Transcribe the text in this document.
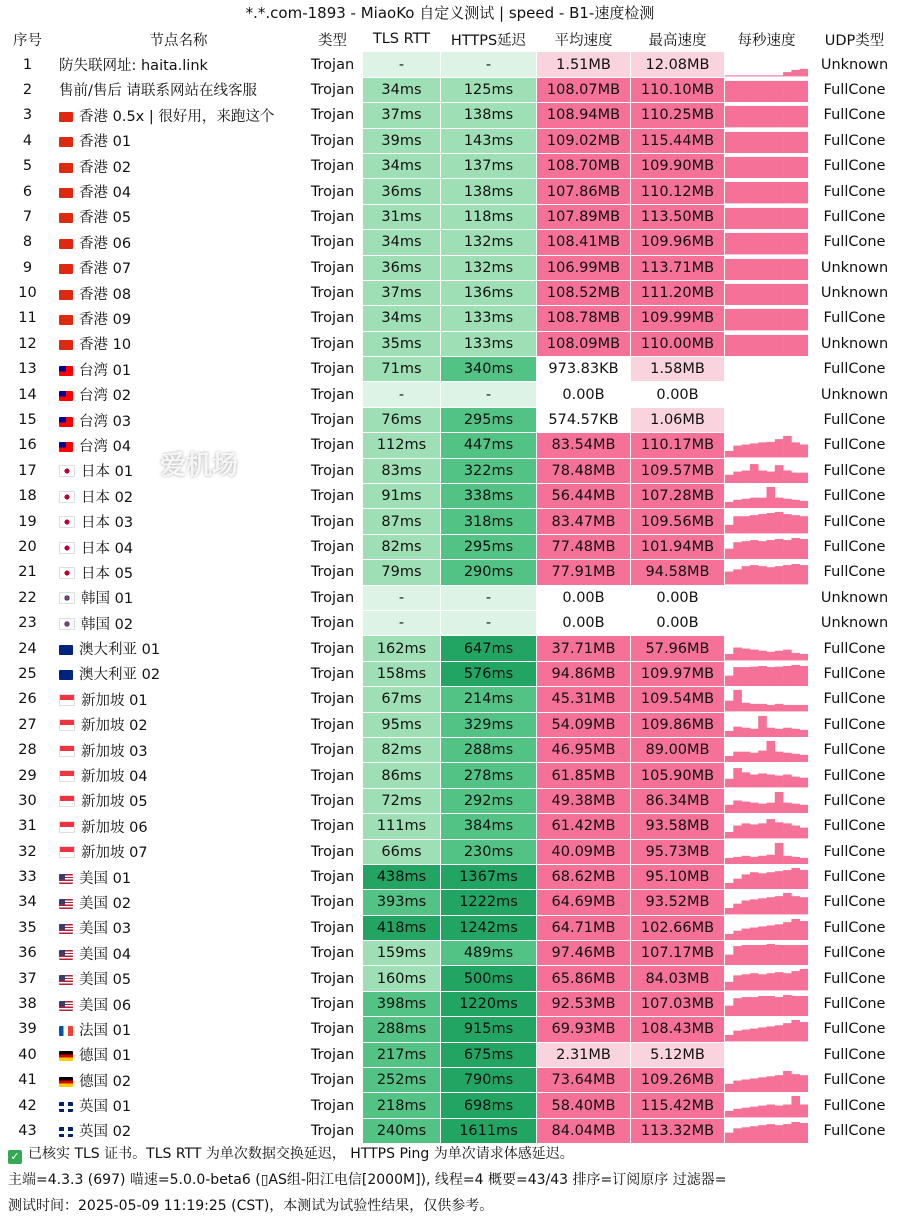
*.*.com-1893 - MiaoKo 自定义测试 | speed - B1-速度检测
序号	节点名称	类型	TLS RTT	HTTPS延迟	平均速度	最高速度	每秒速度	UDP类型
1	防失联网址: haita.link	Trojan	-	-	1.51MB	12.08MB		Unknown
2	售前/售后 请联系网站在线客服	Trojan	34ms	125ms	108.07MB	110.10MB		FullCone
3	香港 0.5x | 很好用，来跑这个	Trojan	37ms	138ms	108.94MB	110.25MB		FullCone
4	香港 01	Trojan	39ms	143ms	109.02MB	115.44MB		FullCone
5	香港 02	Trojan	34ms	137ms	108.70MB	109.90MB		FullCone
6	香港 04	Trojan	36ms	138ms	107.86MB	110.12MB		FullCone
7	香港 05	Trojan	31ms	118ms	107.89MB	113.50MB		FullCone
8	香港 06	Trojan	34ms	132ms	108.41MB	109.96MB		FullCone
9	香港 07	Trojan	36ms	132ms	106.99MB	113.71MB		Unknown
10	香港 08	Trojan	37ms	136ms	108.52MB	111.20MB		Unknown
11	香港 09	Trojan	34ms	133ms	108.78MB	109.99MB		FullCone
12	香港 10	Trojan	35ms	133ms	108.09MB	110.00MB		Unknown
13	台湾 01	Trojan	71ms	340ms	973.83KB	1.58MB		FullCone
14	台湾 02	Trojan	-	-	0.00B	0.00B		Unknown
15	台湾 03	Trojan	76ms	295ms	574.57KB	1.06MB		FullCone
16	台湾 04	Trojan	112ms	447ms	83.54MB	110.17MB		FullCone
17	日本 01	Trojan	83ms	322ms	78.48MB	109.57MB		FullCone
18	日本 02	Trojan	91ms	338ms	56.44MB	107.28MB		FullCone
19	日本 03	Trojan	87ms	318ms	83.47MB	109.56MB		FullCone
20	日本 04	Trojan	82ms	295ms	77.48MB	101.94MB		FullCone
21	日本 05	Trojan	79ms	290ms	77.91MB	94.58MB		FullCone
22	韩国 01	Trojan	-	-	0.00B	0.00B		Unknown
23	韩国 02	Trojan	-	-	0.00B	0.00B		Unknown
24	澳大利亚 01	Trojan	162ms	647ms	37.71MB	57.96MB		FullCone
25	澳大利亚 02	Trojan	158ms	576ms	94.86MB	109.97MB		FullCone
26	新加坡 01	Trojan	67ms	214ms	45.31MB	109.54MB		FullCone
27	新加坡 02	Trojan	95ms	329ms	54.09MB	109.86MB		FullCone
28	新加坡 03	Trojan	82ms	288ms	46.95MB	89.00MB		FullCone
29	新加坡 04	Trojan	86ms	278ms	61.85MB	105.90MB		FullCone
30	新加坡 05	Trojan	72ms	292ms	49.38MB	86.34MB		FullCone
31	新加坡 06	Trojan	111ms	384ms	61.42MB	93.58MB		FullCone
32	新加坡 07	Trojan	66ms	230ms	40.09MB	95.73MB		FullCone
33	美国 01	Trojan	438ms	1367ms	68.62MB	95.10MB		FullCone
34	美国 02	Trojan	393ms	1222ms	64.69MB	93.52MB		FullCone
35	美国 03	Trojan	418ms	1242ms	64.71MB	102.66MB		FullCone
36	美国 04	Trojan	159ms	489ms	97.46MB	107.17MB		FullCone
37	美国 05	Trojan	160ms	500ms	65.86MB	84.03MB		FullCone
38	美国 06	Trojan	398ms	1220ms	92.53MB	107.03MB		FullCone
39	法国 01	Trojan	288ms	915ms	69.93MB	108.43MB		FullCone
40	德国 01	Trojan	217ms	675ms	2.31MB	5.12MB		FullCone
41	德国 02	Trojan	252ms	790ms	73.64MB	109.26MB		FullCone
42	英国 01	Trojan	218ms	698ms	58.40MB	115.42MB		FullCone
43	英国 02	Trojan	240ms	1611ms	84.04MB	113.32MB		FullCone
爱机场
✓ 已核实 TLS 证书。TLS RTT 为单次数据交换延迟， HTTPS Ping 为单次请求体感延迟。
主端=4.3.3 (697) 喵速=5.0.0-beta6 (▯AS组-阳江电信[2000M]), 线程=4 概要=43/43 排序=订阅原序 过滤器=
测试时间：2025-05-09 11:19:25 (CST)，本测试为试验性结果，仅供参考。
